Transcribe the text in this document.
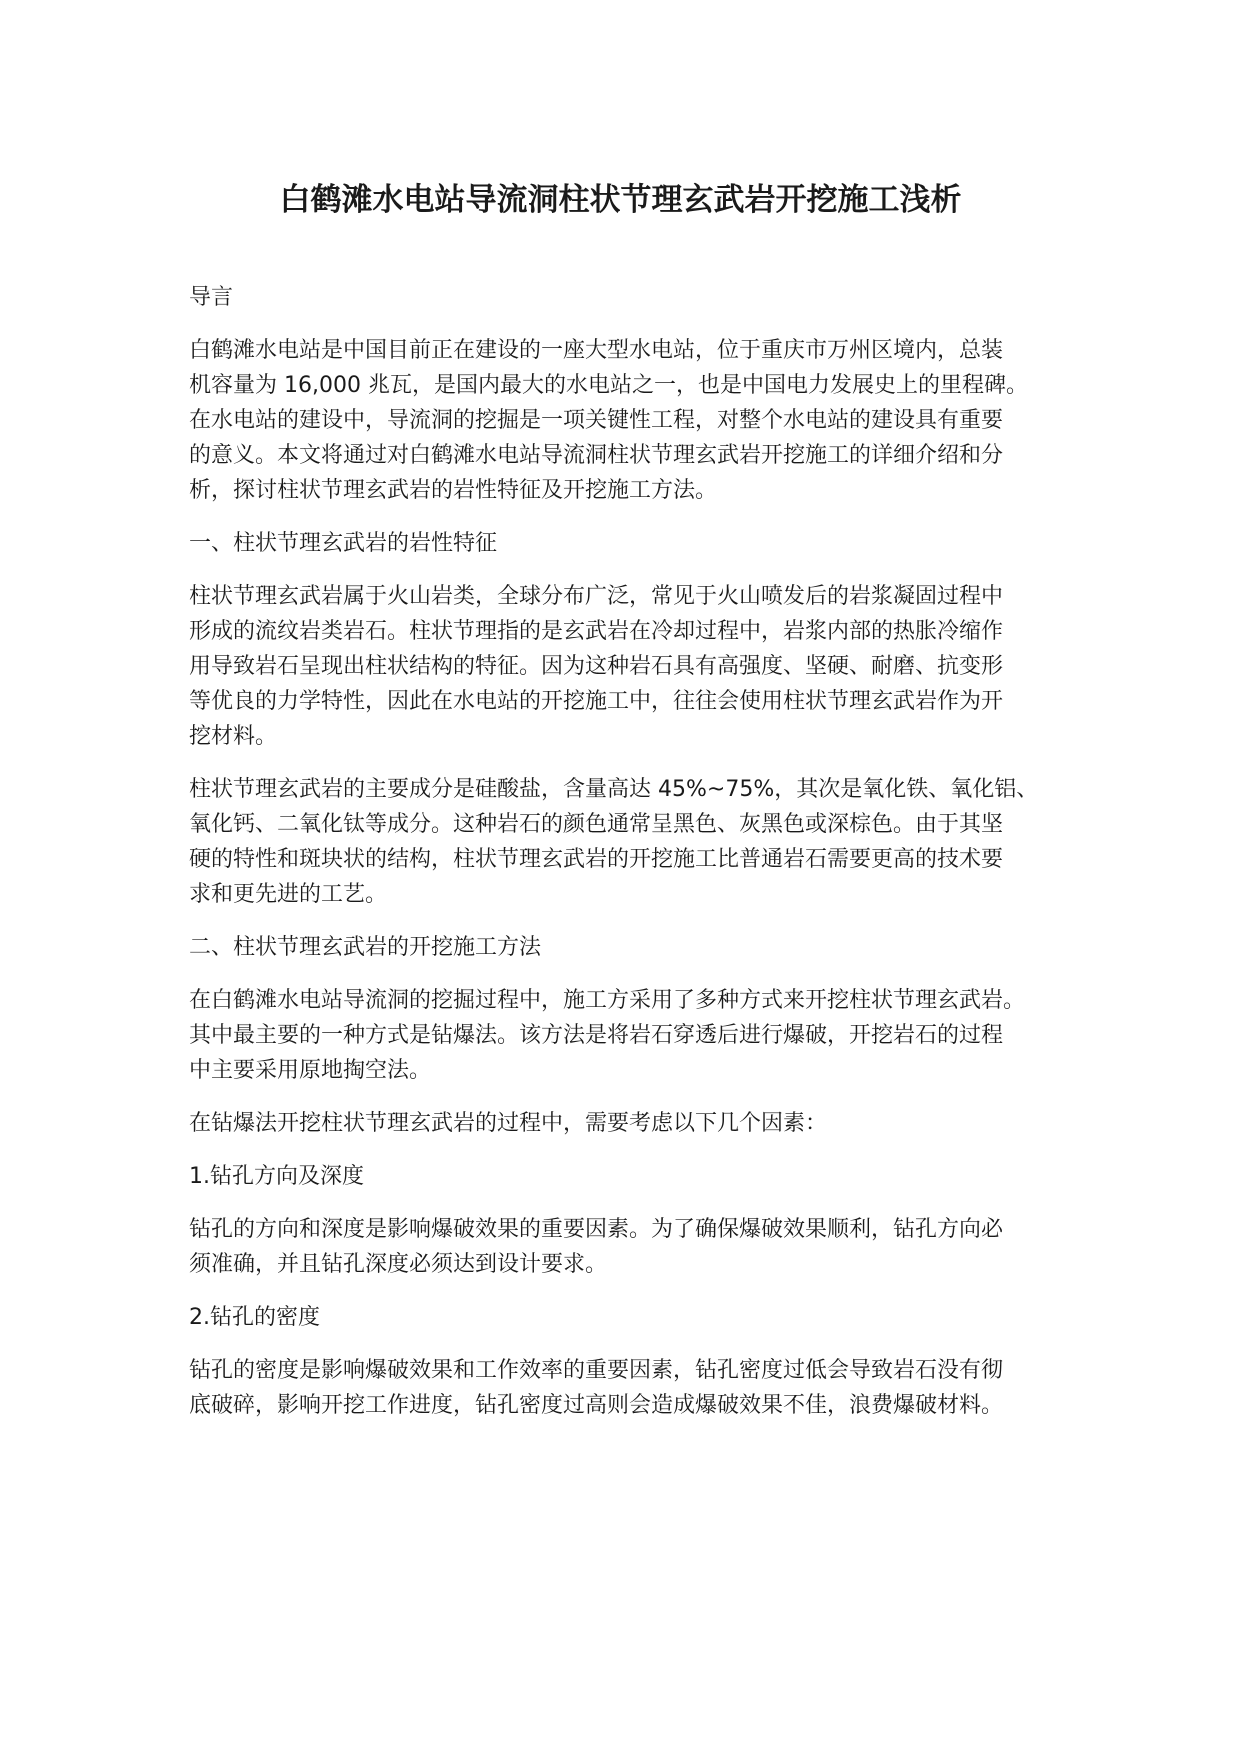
白鹤滩水电站导流洞柱状节理玄武岩开挖施工浅析
导言

白鹤滩水电站是中国目前正在建设的一座大型水电站，位于重庆市万州区境内，总装
机容量为 16,000 兆瓦，是国内最大的水电站之一，也是中国电力发展史上的里程碑。
在水电站的建设中，导流洞的挖掘是一项关键性工程，对整个水电站的建设具有重要
的意义。本文将通过对白鹤滩水电站导流洞柱状节理玄武岩开挖施工的详细介绍和分
析，探讨柱状节理玄武岩的岩性特征及开挖施工方法。

一、柱状节理玄武岩的岩性特征

柱状节理玄武岩属于火山岩类，全球分布广泛，常见于火山喷发后的岩浆凝固过程中
形成的流纹岩类岩石。柱状节理指的是玄武岩在冷却过程中，岩浆内部的热胀冷缩作
用导致岩石呈现出柱状结构的特征。因为这种岩石具有高强度、坚硬、耐磨、抗变形
等优良的力学特性，因此在水电站的开挖施工中，往往会使用柱状节理玄武岩作为开
挖材料。

柱状节理玄武岩的主要成分是硅酸盐，含量高达 45%~75%，其次是氧化铁、氧化铝、
氧化钙、二氧化钛等成分。这种岩石的颜色通常呈黑色、灰黑色或深棕色。由于其坚
硬的特性和斑块状的结构，柱状节理玄武岩的开挖施工比普通岩石需要更高的技术要
求和更先进的工艺。

二、柱状节理玄武岩的开挖施工方法

在白鹤滩水电站导流洞的挖掘过程中，施工方采用了多种方式来开挖柱状节理玄武岩。
其中最主要的一种方式是钻爆法。该方法是将岩石穿透后进行爆破，开挖岩石的过程
中主要采用原地掏空法。

在钻爆法开挖柱状节理玄武岩的过程中，需要考虑以下几个因素：

1.钻孔方向及深度

钻孔的方向和深度是影响爆破效果的重要因素。为了确保爆破效果顺利，钻孔方向必
须准确，并且钻孔深度必须达到设计要求。

2.钻孔的密度

钻孔的密度是影响爆破效果和工作效率的重要因素，钻孔密度过低会导致岩石没有彻
底破碎，影响开挖工作进度，钻孔密度过高则会造成爆破效果不佳，浪费爆破材料。
